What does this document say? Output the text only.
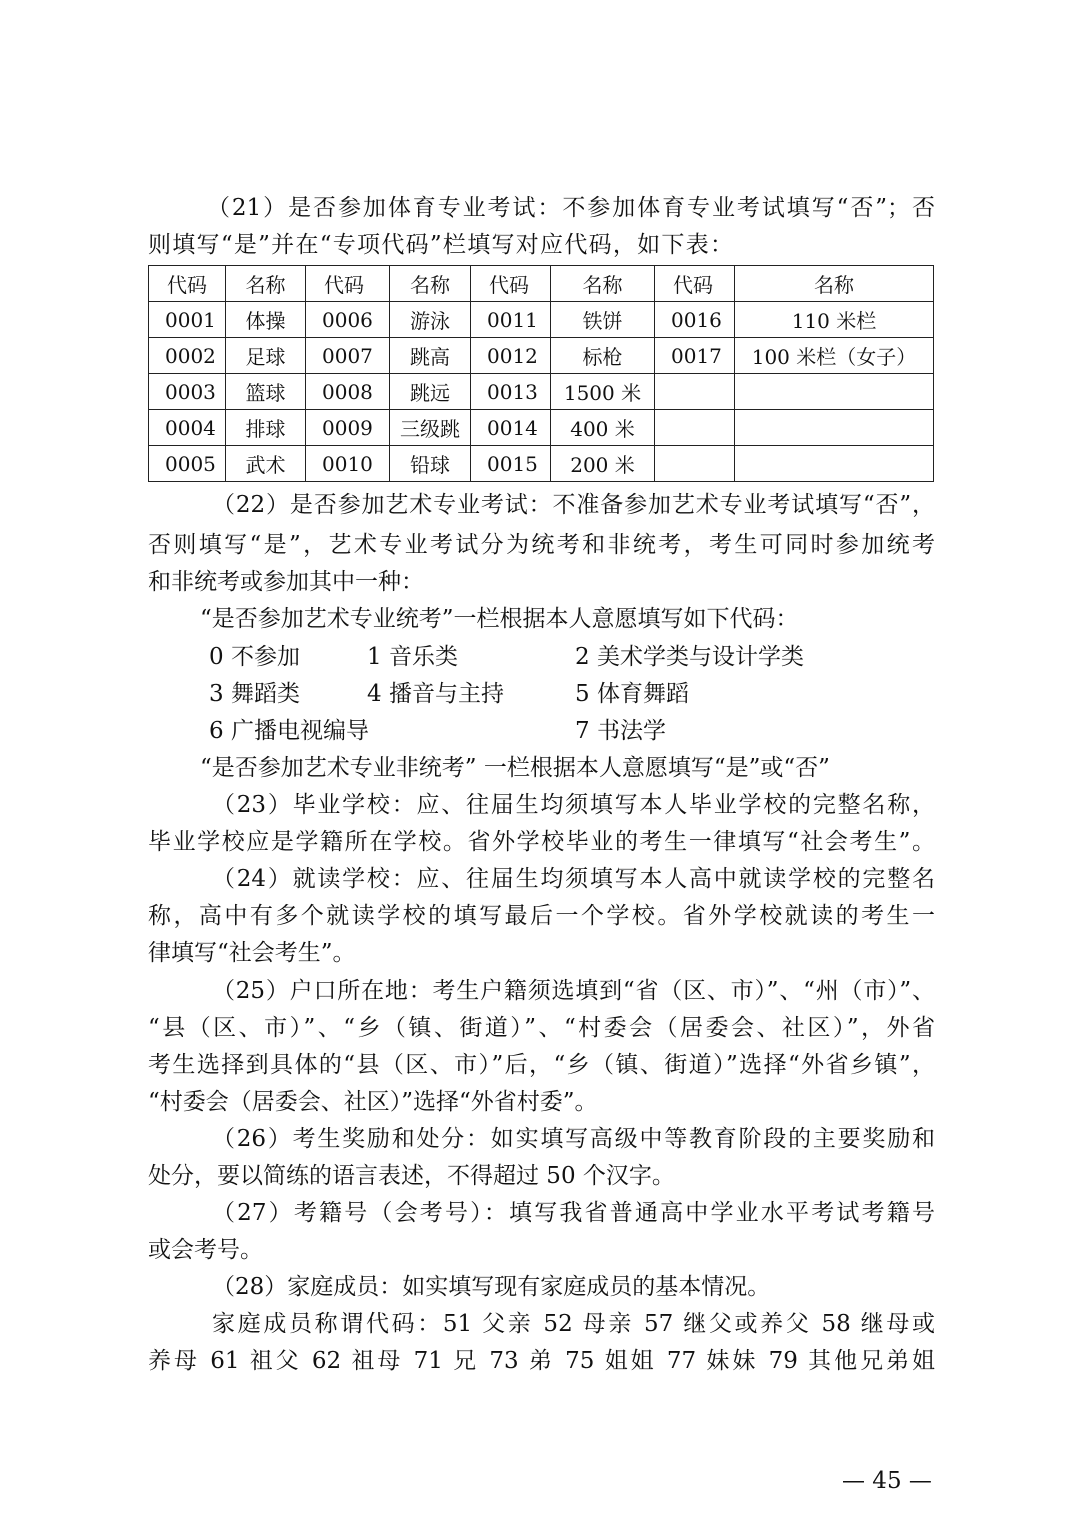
（21）是否参加体育专业考试：不参加体育专业考试填写“否”；否
则填写“是”并在“专项代码”栏填写对应代码，如下表：
代码	名称	代码	名称	代码	名称	代码	名称
0001	体操	0006	游泳	0011	铁饼	0016	110 米栏
0002	足球	0007	跳高	0012	标枪	0017	100 米栏（女子）
0003	篮球	0008	跳远	0013	1500 米		
0004	排球	0009	三级跳	0014	400 米		
0005	武术	0010	铅球	0015	200 米		
（22）是否参加艺术专业考试：不准备参加艺术专业考试填写“否”，
否则填写“是”，艺术专业考试分为统考和非统考，考生可同时参加统考
和非统考或参加其中一种：
“是否参加艺术专业统考”一栏根据本人意愿填写如下代码：
0 不参加	1 音乐类	2 美术学类与设计学类
3 舞蹈类	4 播音与主持	5 体育舞蹈
6 广播电视编导	7 书法学
“是否参加艺术专业非统考” 一栏根据本人意愿填写“是”或“否”
（23）毕业学校：应、往届生均须填写本人毕业学校的完整名称，
毕业学校应是学籍所在学校。省外学校毕业的考生一律填写“社会考生”。
（24）就读学校：应、往届生均须填写本人高中就读学校的完整名
称，高中有多个就读学校的填写最后一个学校。省外学校就读的考生一
律填写“社会考生”。
（25）户口所在地：考生户籍须选填到“省（区、市）”、“州（市）”、
“县（区、市）”、“乡（镇、街道）”、“村委会（居委会、社区）”，外省
考生选择到具体的“县（区、市）”后，“乡（镇、街道）”选择“外省乡镇”，
“村委会（居委会、社区）”选择“外省村委”。
（26）考生奖励和处分：如实填写高级中等教育阶段的主要奖励和
处分，要以简练的语言表述，不得超过 50 个汉字。
（27）考籍号（会考号）：填写我省普通高中学业水平考试考籍号
或会考号。
（28）家庭成员：如实填写现有家庭成员的基本情况。
家庭成员称谓代码：51 父亲 52 母亲 57 继父或养父 58 继母或
养母 61 祖父 62 祖母 71 兄 73 弟 75 姐姐 77 妹妹 79 其他兄弟姐
— 45 —
